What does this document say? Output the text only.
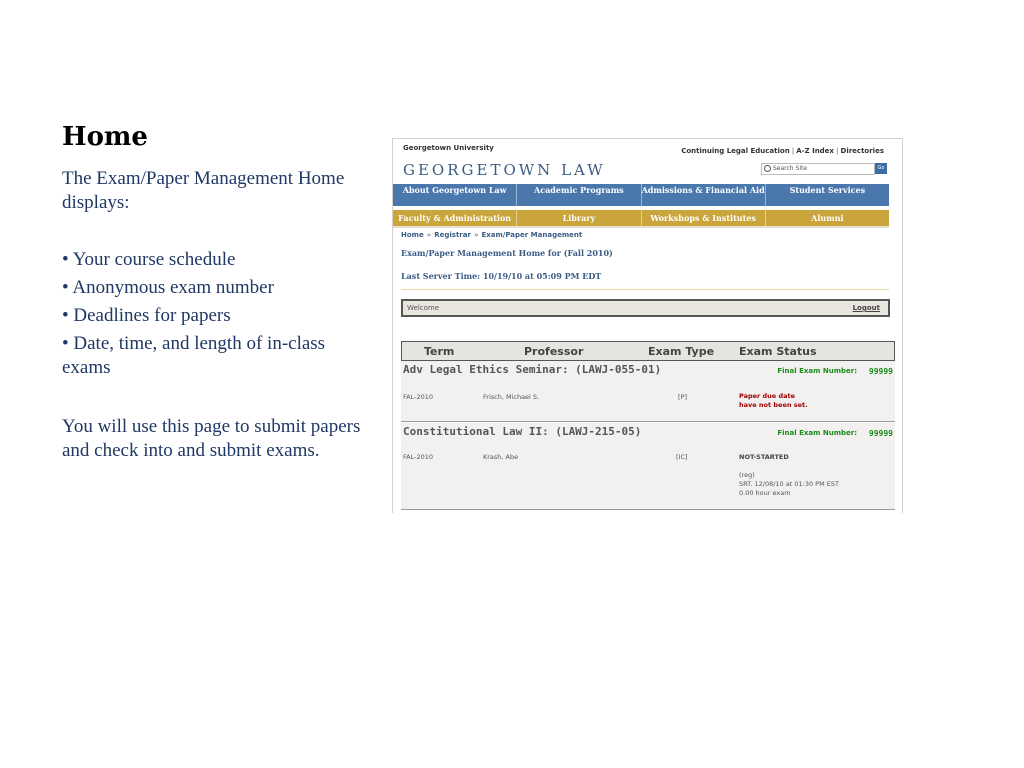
Home
The Exam/Paper Management Home displays:
• Your course schedule
• Anonymous exam number
• Deadlines for papers
• Date, time, and length of in-class exams
You will use this page to submit papers and check into and submit exams.
Georgetown University	Continuing Legal Education | A-Z Index | Directories
GEORGETOWN LAW	Search Site	Go
About Georgetown Law	Academic Programs	Admissions & Financial Aid	Student Services
Faculty & Administration	Library	Workshops & Institutes	Alumni
Home » Registrar » Exam/Paper Management
Exam/Paper Management Home for (Fall 2010)
Last Server Time: 10/19/10 at 05:09 PM EDT
Welcome	Logout
Term	Professor	Exam Type Exam Status
Adv Legal Ethics Seminar: (LAWJ-055-01)	Final Exam Number: 99999
FAL-2010	Frisch, Michael S.	[P]	Paper due date
have not been set.
Constitutional Law II: (LAWJ-215-05)	Final Exam Number: 99999
FAL-2010	Krash, Abe	[IC]	NOT-STARTED
(reg)
SRT. 12/08/10 at 01:30 PM EST
0.00 hour exam
